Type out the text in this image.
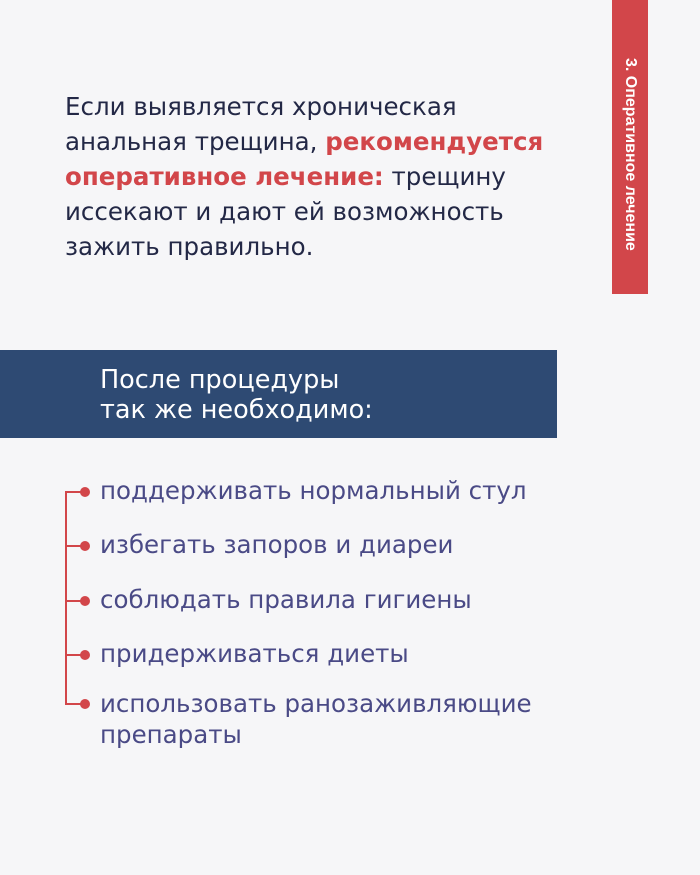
3. Оперативное лечение

Если выявляется хроническая анальная трещина, рекомендуется оперативное лечение: трещину иссекают и дают ей возможность зажить правильно.

После процедуры
так же необходимо:

поддерживать нормальный стул

избегать запоров и диареи

соблюдать правила гигиены

придерживаться диеты

использовать ранозаживляющие препараты
